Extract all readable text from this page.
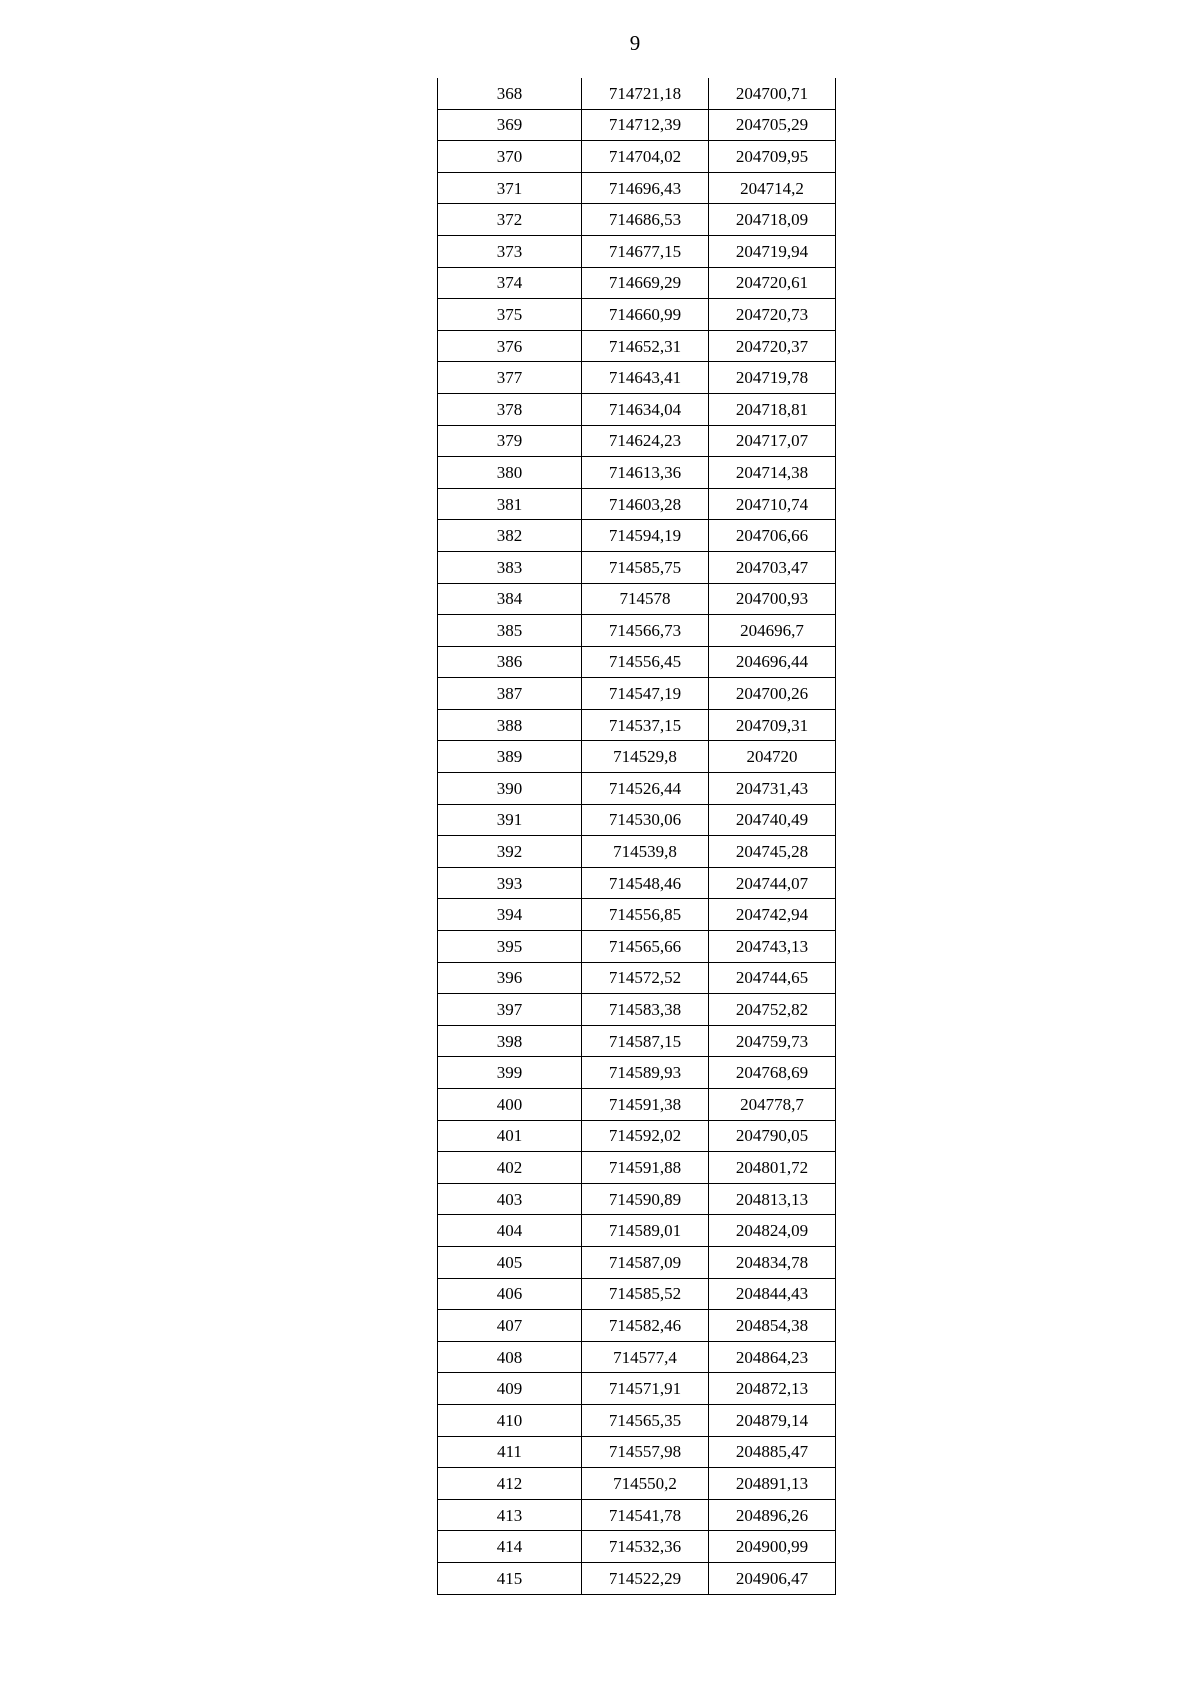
9
368	714721,18	204700,71
369	714712,39	204705,29
370	714704,02	204709,95
371	714696,43	204714,2
372	714686,53	204718,09
373	714677,15	204719,94
374	714669,29	204720,61
375	714660,99	204720,73
376	714652,31	204720,37
377	714643,41	204719,78
378	714634,04	204718,81
379	714624,23	204717,07
380	714613,36	204714,38
381	714603,28	204710,74
382	714594,19	204706,66
383	714585,75	204703,47
384	714578	204700,93
385	714566,73	204696,7
386	714556,45	204696,44
387	714547,19	204700,26
388	714537,15	204709,31
389	714529,8	204720
390	714526,44	204731,43
391	714530,06	204740,49
392	714539,8	204745,28
393	714548,46	204744,07
394	714556,85	204742,94
395	714565,66	204743,13
396	714572,52	204744,65
397	714583,38	204752,82
398	714587,15	204759,73
399	714589,93	204768,69
400	714591,38	204778,7
401	714592,02	204790,05
402	714591,88	204801,72
403	714590,89	204813,13
404	714589,01	204824,09
405	714587,09	204834,78
406	714585,52	204844,43
407	714582,46	204854,38
408	714577,4	204864,23
409	714571,91	204872,13
410	714565,35	204879,14
411	714557,98	204885,47
412	714550,2	204891,13
413	714541,78	204896,26
414	714532,36	204900,99
415	714522,29	204906,47
